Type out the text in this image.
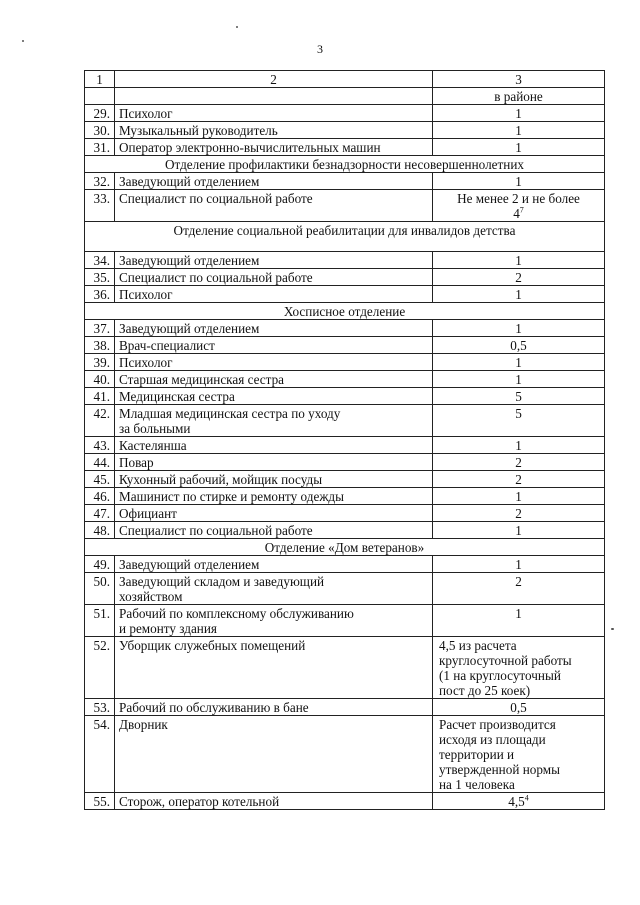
3
1	2	3
		в районе
29.	Психолог	1

30.	Музыкальный руководитель	1

31.	Оператор электронно-вычислительных машин	1

Отделение профилактики безнадзорности несовершеннолетних		
32.	Заведующий отделением	1

33.	Специалист по социальной работе	Не менее 2 и не более
$4^7$

Отделение социальной реабилитации для инвалидов детства		
34.	Заведующий отделением	1

35.	Специалист по социальной работе	2

36.	Психолог	1

Хосписное отделение		
37.	Заведующий отделением	1

38.	Врач-специалист	0,5

39.	Психолог	1

40.	Старшая медицинская сестра	1

41.	Медицинская сестра	5

42.	Младшая медицинская сестра по уходу
за больными	5

43.	Кастелянша	1

44.	Повар	2

45.	Кухонный рабочий, мойщик посуды	2

46.	Машинист по стирке и ремонту одежды	1

47.	Официант	2

48.	Специалист по социальной работе	1

Отделение «Дом ветеранов»		
49.	Заведующий отделением	1

50.	Заведующий складом и заведующий
хозяйством	2

51.	Рабочий по комплексному обслуживанию
и ремонту здания	1

52.	Уборщик служебных помещений	4,5 из расчета
круглосуточной работы
(1 на круглосуточный
пост до 25 коек)

53.	Рабочий по обслуживанию в бане	0,5

54.	Дворник	Расчет производится
исходя из площади
территории и
утвержденной нормы
на 1 человека

55.	Сторож, оператор котельной	$4,5^4$
